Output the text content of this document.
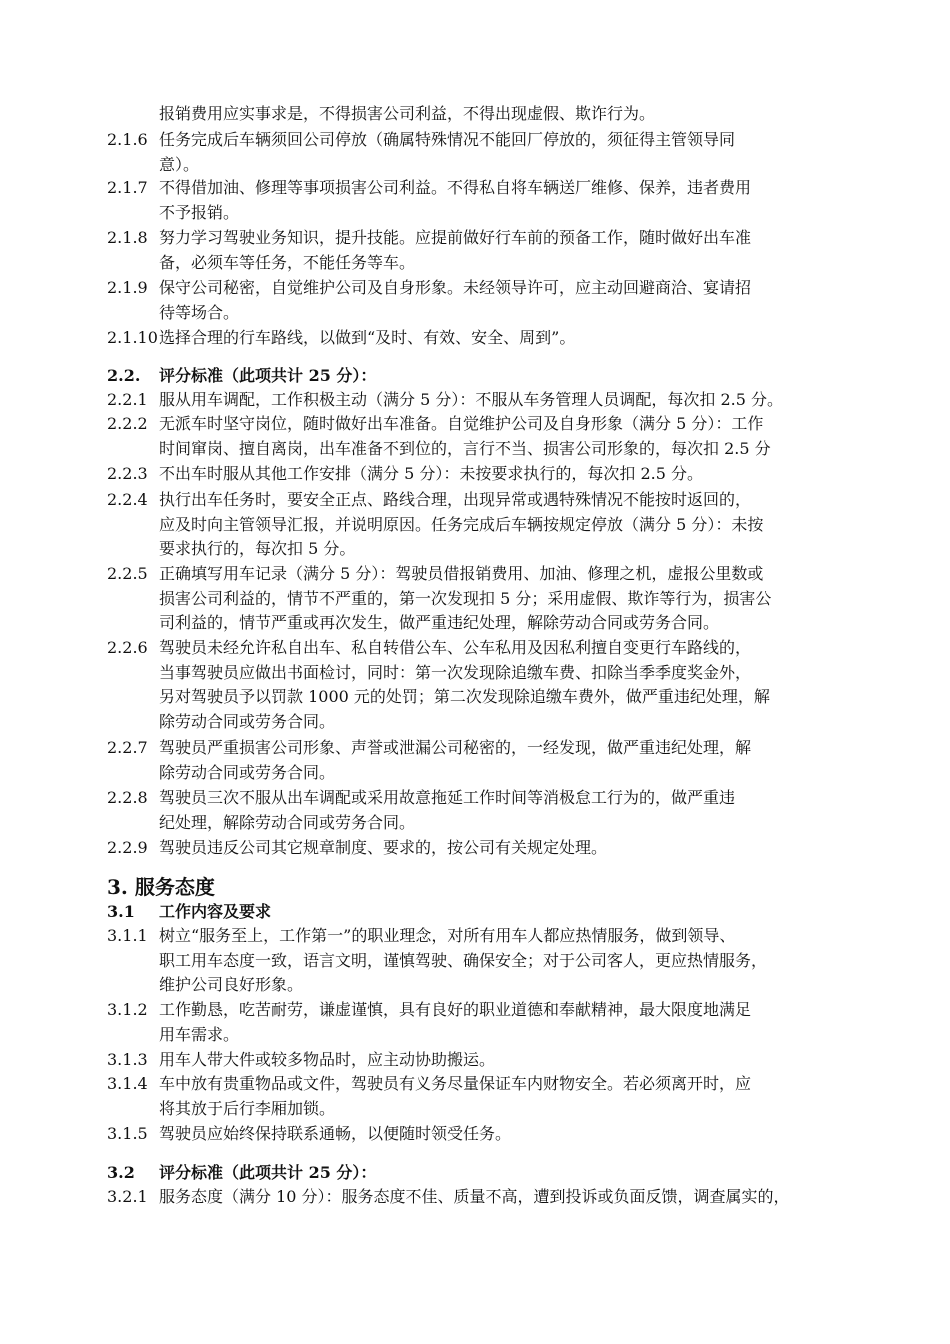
报销费用应实事求是，不得损害公司利益，不得出现虚假、欺诈行为。
2.1.6 任务完成后车辆须回公司停放（确属特殊情况不能回厂停放的，须征得主管领导同
意）。
2.1.7 不得借加油、修理等事项损害公司利益。不得私自将车辆送厂维修、保养，违者费用
不予报销。
2.1.8 努力学习驾驶业务知识，提升技能。应提前做好行车前的预备工作，随时做好出车准
备，必须车等任务，不能任务等车。
2.1.9 保守公司秘密，自觉维护公司及自身形象。未经领导许可，应主动回避商洽、宴请招
待等场合。
2.1.10 选择合理的行车路线，以做到“及时、有效、安全、周到”。
2.2. 评分标准（此项共计 25 分）：
2.2.1 服从用车调配，工作积极主动（满分 5 分）：不服从车务管理人员调配，每次扣 2.5 分。
2.2.2 无派车时坚守岗位，随时做好出车准备。自觉维护公司及自身形象（满分 5 分）：工作
时间窜岗、擅自离岗，出车准备不到位的，言行不当、损害公司形象的，每次扣 2.5 分
2.2.3 不出车时服从其他工作安排（满分 5 分）：未按要求执行的，每次扣 2.5 分。
2.2.4 执行出车任务时，要安全正点、路线合理，出现异常或遇特殊情况不能按时返回的，
应及时向主管领导汇报，并说明原因。任务完成后车辆按规定停放（满分 5 分）：未按
要求执行的，每次扣 5 分。
2.2.5 正确填写用车记录（满分 5 分）：驾驶员借报销费用、加油、修理之机，虚报公里数或
损害公司利益的，情节不严重的，第一次发现扣 5 分；采用虚假、欺诈等行为，损害公
司利益的，情节严重或再次发生，做严重违纪处理，解除劳动合同或劳务合同。
2.2.6 驾驶员未经允许私自出车、私自转借公车、公车私用及因私利擅自变更行车路线的，
当事驾驶员应做出书面检讨，同时：第一次发现除追缴车费、扣除当季季度奖金外，
另对驾驶员予以罚款 1000 元的处罚；第二次发现除追缴车费外，做严重违纪处理，解
除劳动合同或劳务合同。
2.2.7 驾驶员严重损害公司形象、声誉或泄漏公司秘密的，一经发现，做严重违纪处理，解
除劳动合同或劳务合同。
2.2.8 驾驶员三次不服从出车调配或采用故意拖延工作时间等消极怠工行为的，做严重违
纪处理，解除劳动合同或劳务合同。
2.2.9 驾驶员违反公司其它规章制度、要求的，按公司有关规定处理。
3. 服务态度
3.1 工作内容及要求
3.1.1 树立“服务至上，工作第一”的职业理念，对所有用车人都应热情服务，做到领导、
职工用车态度一致，语言文明，谨慎驾驶、确保安全；对于公司客人，更应热情服务，
维护公司良好形象。
3.1.2 工作勤恳，吃苦耐劳，谦虚谨慎，具有良好的职业道德和奉献精神，最大限度地满足
用车需求。
3.1.3 用车人带大件或较多物品时，应主动协助搬运。
3.1.4 车中放有贵重物品或文件，驾驶员有义务尽量保证车内财物安全。若必须离开时，应
将其放于后行李厢加锁。
3.1.5 驾驶员应始终保持联系通畅，以便随时领受任务。
3.2 评分标准（此项共计 25 分）：
3.2.1 服务态度（满分 10 分）：服务态度不佳、质量不高，遭到投诉或负面反馈，调查属实的，
